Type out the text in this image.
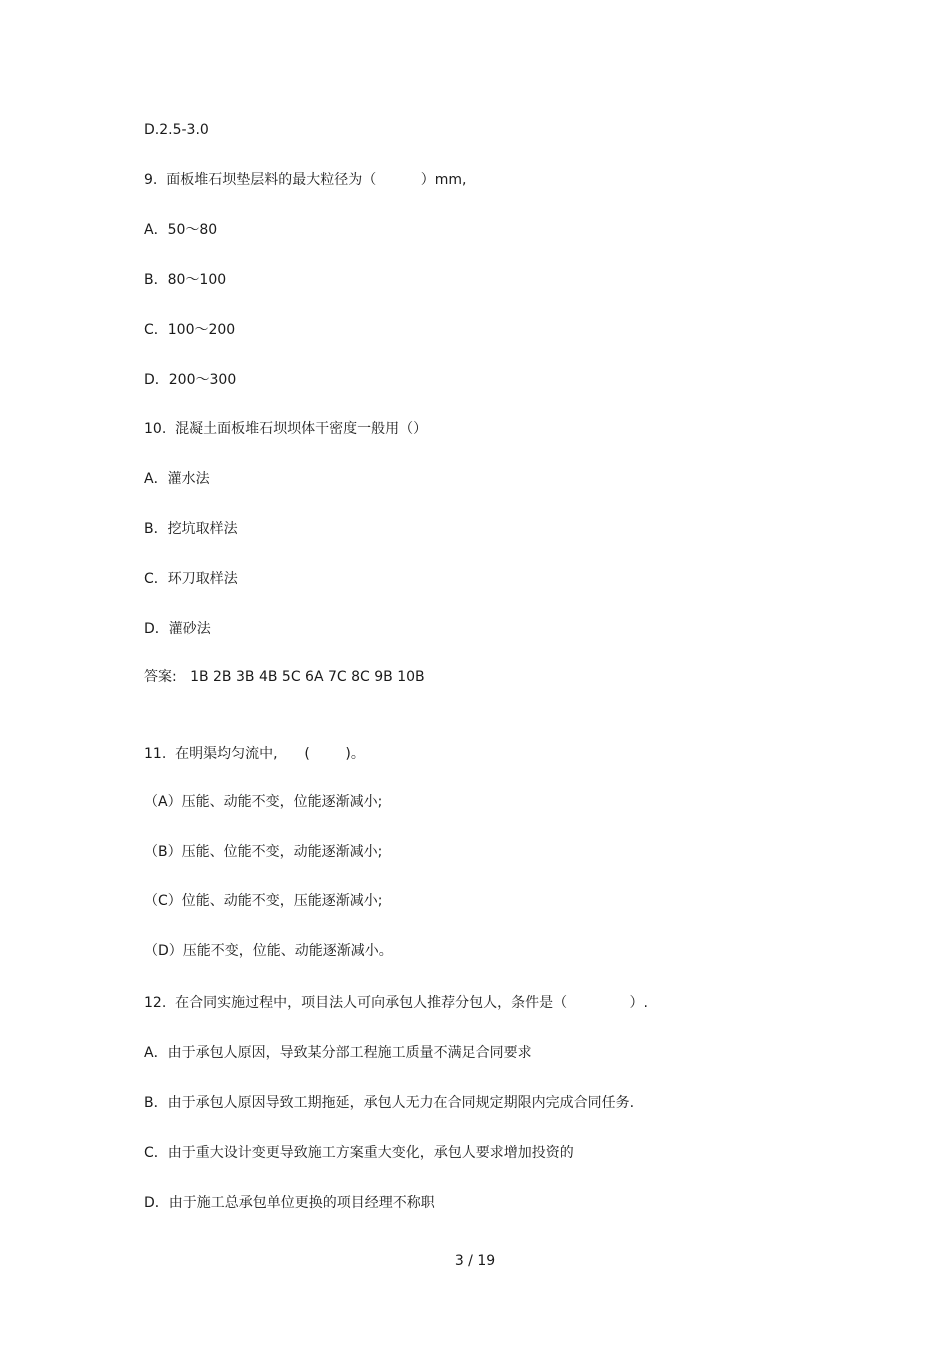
D.2.5-3.0
9.  面板堆石坝垫层料的最大粒径为（          ）mm,
A．50～80
B．80～100
C．100～200
D．200～300
10.  混凝土面板堆石坝坝体干密度一般用（）
A．灌水法
B．挖坑取样法
C．环刀取样法
D．灌砂法
答案:   1B 2B 3B 4B 5C 6A 7C 8C 9B 10B
11.  在明渠均匀流中,      (        )。
（A）压能、动能不变，位能逐渐减小;
（B）压能、位能不变，动能逐渐减小;
（C）位能、动能不变，压能逐渐减小;
（D）压能不变，位能、动能逐渐减小。
12.  在合同实施过程中，项目法人可向承包人推荐分包人，条件是（              ）.
A．由于承包人原因，导致某分部工程施工质量不满足合同要求
B．由于承包人原因导致工期拖延，承包人无力在合同规定期限内完成合同任务.
C．由于重大设计变更导致施工方案重大变化，承包人要求增加投资的
D．由于施工总承包单位更换的项目经理不称职
3 / 19
